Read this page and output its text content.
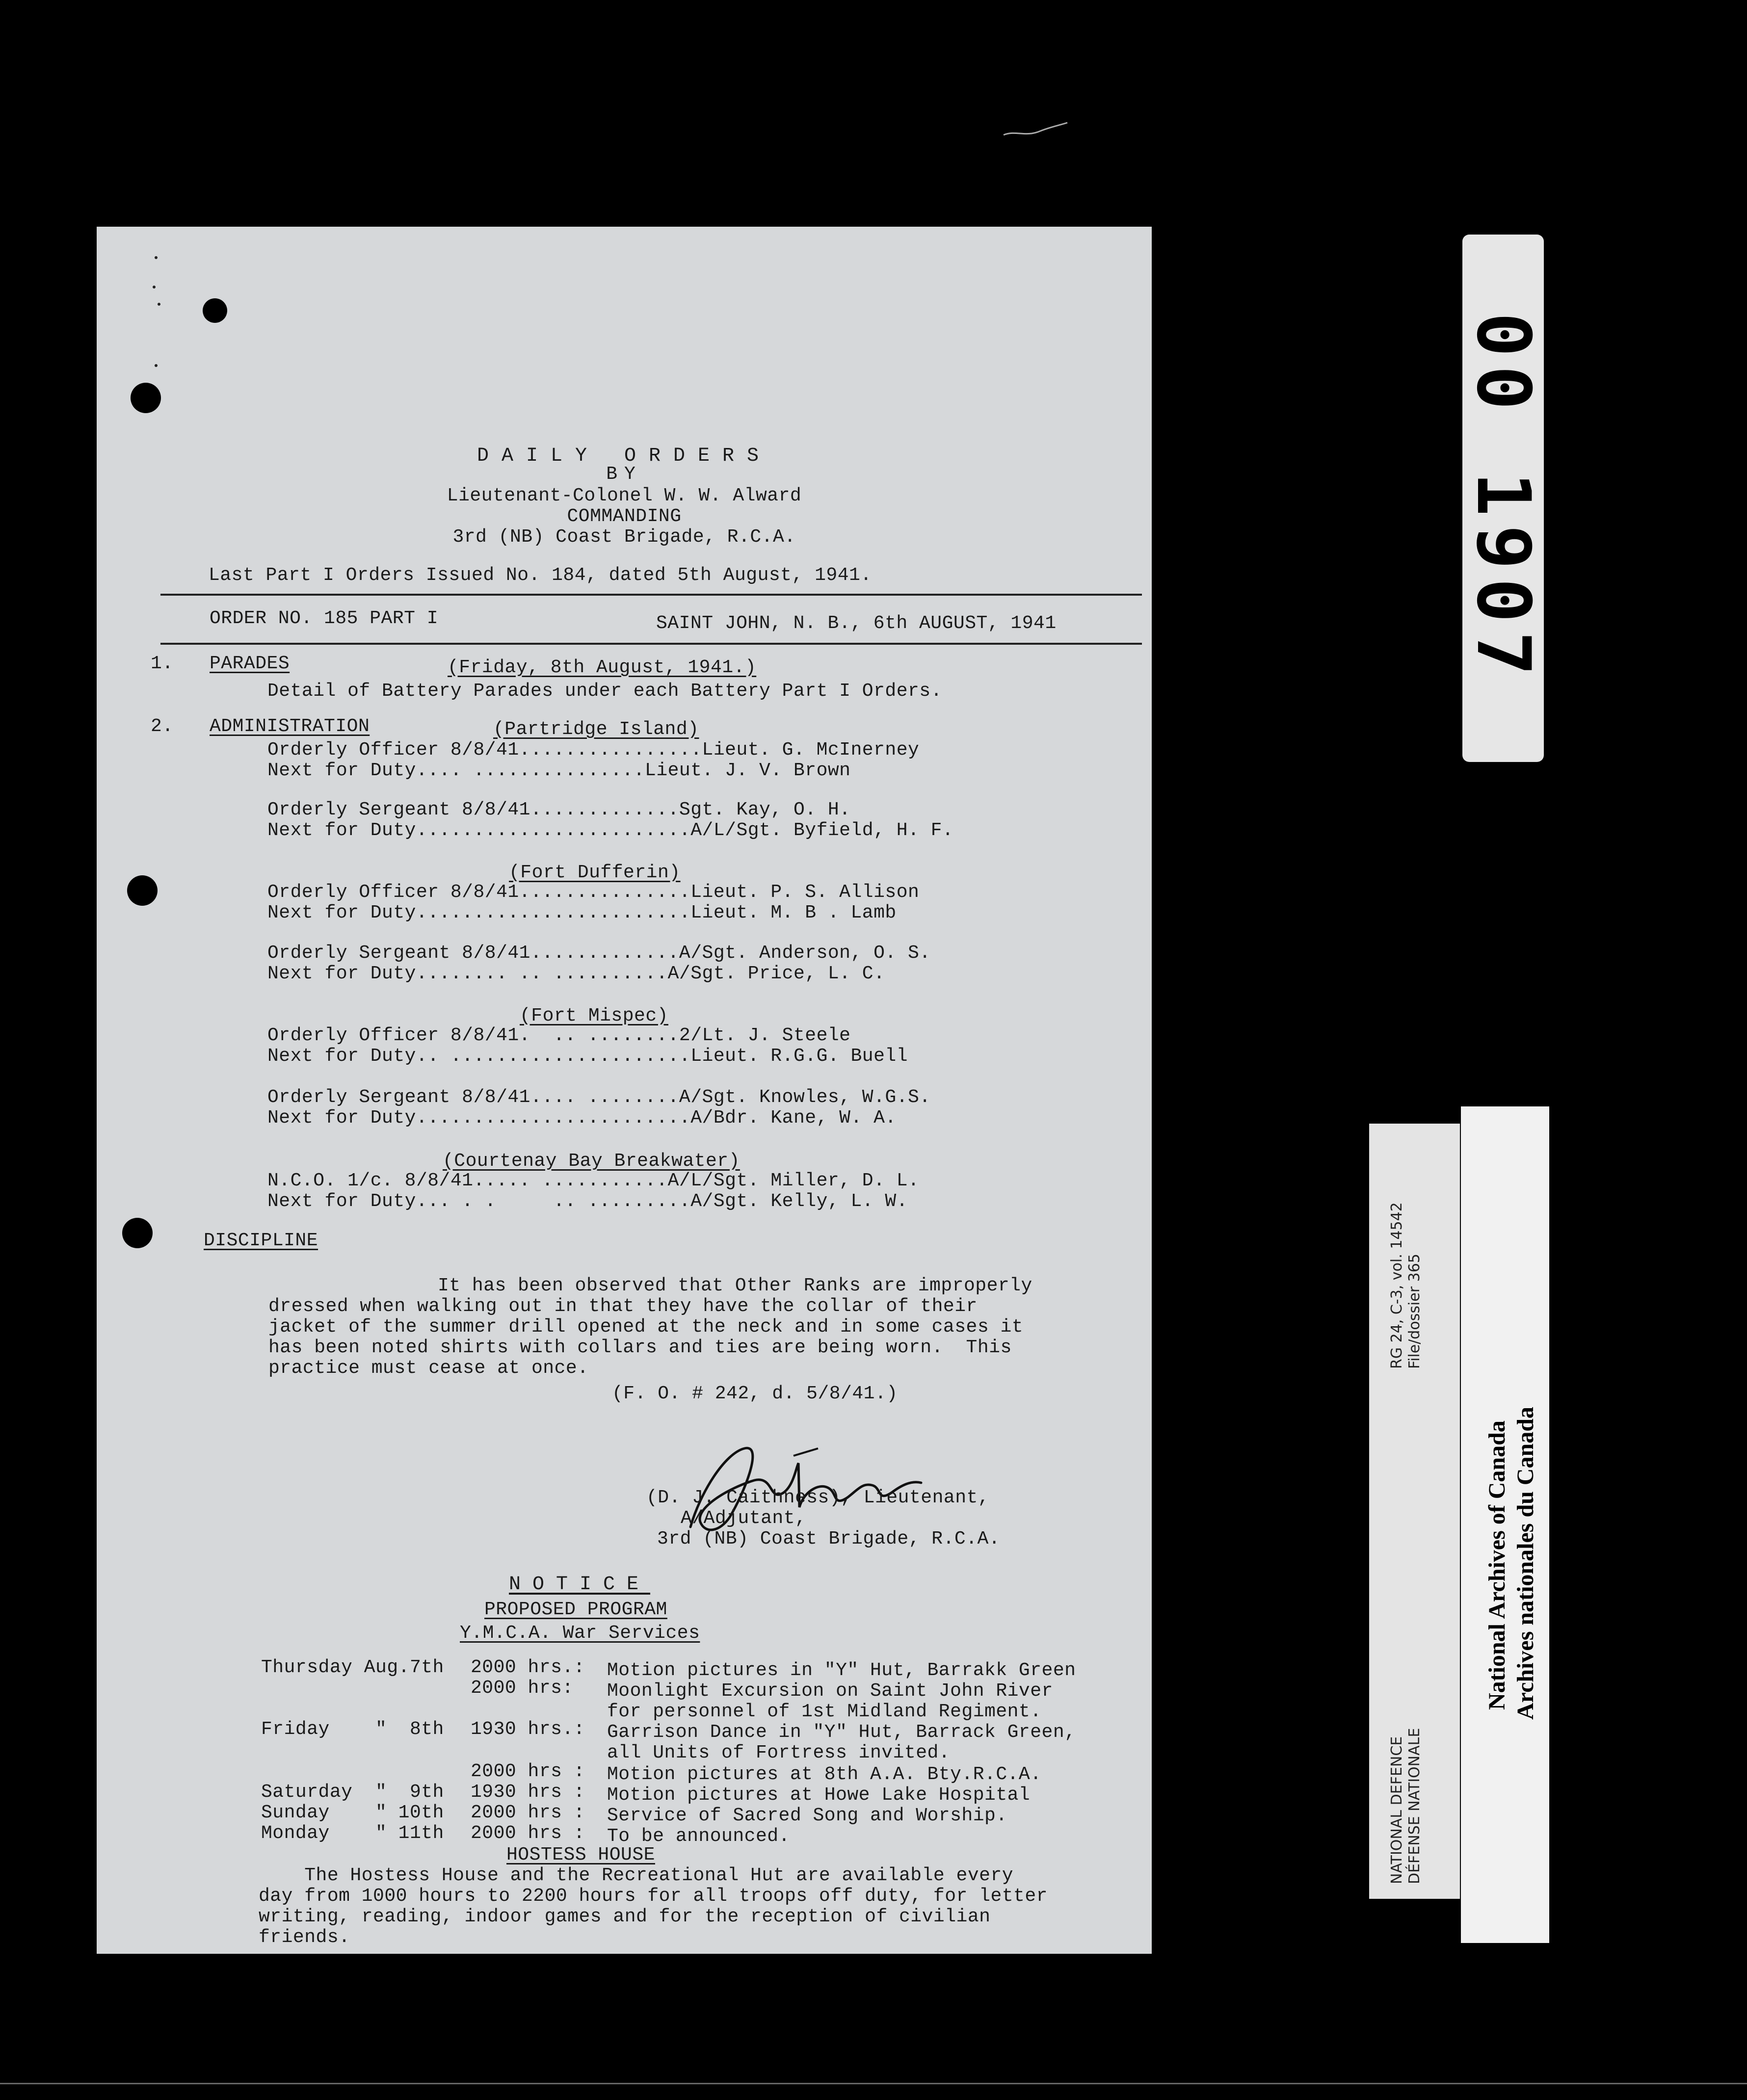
DAILY ORDERS
BY
Lieutenant-Colonel W. W. Alward
COMMANDING
3rd (NB) Coast Brigade, R.C.A.
Last Part I Orders Issued No. 184, dated 5th August, 1941.
ORDER NO. 185 PART I	SAINT JOHN, N. B., 6th AUGUST, 1941
1. PARADES	(Friday, 8th August, 1941.)
Detail of Battery Parades under each Battery Part I Orders.
2. ADMINISTRATION	(Partridge Island)
Orderly Officer 8/8/41................Lieut. G. McInerney
Next for Duty.... ...............Lieut. J. V. Brown
Orderly Sergeant 8/8/41.............Sgt. Kay, O. H.
Next for Duty........................A/L/Sgt. Byfield, H. F.
(Fort Dufferin)
Orderly Officer 8/8/41...............Lieut. P. S. Allison
Next for Duty........................Lieut. M. B . Lamb
Orderly Sergeant 8/8/41.............A/Sgt. Anderson, O. S.
Next for Duty........ .. ..........A/Sgt. Price, L. C.
(Fort Mispec)
Orderly Officer 8/8/41.  .. ........2/Lt. J. Steele
Next for Duty.. .....................Lieut. R.G.G. Buell
Orderly Sergeant 8/8/41.... ........A/Sgt. Knowles, W.G.S.
Next for Duty........................A/Bdr. Kane, W. A.
(Courtenay Bay Breakwater)
N.C.O. 1/c. 8/8/41..... ...........A/L/Sgt. Miller, D. L.
Next for Duty... . .     .. .........A/Sgt. Kelly, L. W.
DISCIPLINE
It has been observed that Other Ranks are improperly
dressed when walking out in that they have the collar of their
jacket of the summer drill opened at the neck and in some cases it
has been noted shirts with collars and ties are being worn.  This
practice must cease at once.
(F. O. # 242, d. 5/8/41.)
(D. J. Caithness), Lieutenant,
A/Adjutant,
3rd (NB) Coast Brigade, R.C.A.
NOTICE
PROPOSED PROGRAM
Y.M.C.A. War Services
Thursday Aug.7th 2000 hrs.: Motion pictures in "Y" Hut, Barrakk Green
2000 hrs: Moonlight Excursion on Saint John River
for personnel of 1st Midland Regiment.
Friday    "  8th 1930 hrs.: Garrison Dance in "Y" Hut, Barrack Green,
all Units of Fortress invited.
2000 hrs : Motion pictures at 8th A.A. Bty.R.C.A.
Saturday  "  9th 1930 hrs : Motion pictures at Howe Lake Hospital
Sunday    " 10th 2000 hrs : Service of Sacred Song and Worship.
Monday    " 11th 2000 hrs : To be announced.
HOSTESS HOUSE
The Hostess House and the Recreational Hut are available every
day from 1000 hours to 2200 hours for all troops off duty, for letter
writing, reading, indoor games and for the reception of civilian
friends.
00 1907
RG 24, C-3, vol. 14542 File/dossier 365
NATIONAL DEFENCE DÉFENSE NATIONALE
National Archives of Canada Archives nationales du Canada
